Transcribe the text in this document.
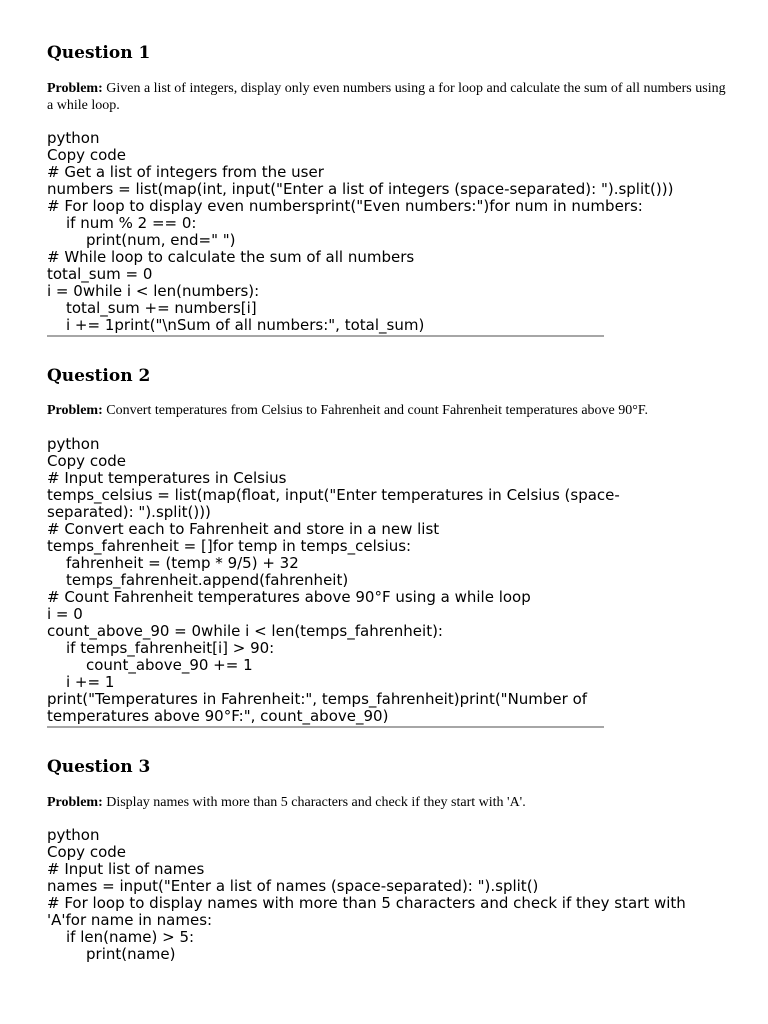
Question 1

Problem: Given a list of integers, display only even numbers using a for loop and calculate the sum of all numbers using a while loop.

python
Copy code
# Get a list of integers from the user
numbers = list(map(int, input("Enter a list of integers (space-separated): ").split()))
# For loop to display even numbersprint("Even numbers:")for num in numbers:
if num % 2 == 0:
print(num, end=" ")
# While loop to calculate the sum of all numbers
total_sum = 0
i = 0while i < len(numbers):
total_sum += numbers[i]
i += 1print("\nSum of all numbers:", total_sum)
Question 2

Problem: Convert temperatures from Celsius to Fahrenheit and count Fahrenheit temperatures above 90°F.

python
Copy code
# Input temperatures in Celsius
temps_celsius = list(map(float, input("Enter temperatures in Celsius (space-
separated): ").split()))
# Convert each to Fahrenheit and store in a new list
temps_fahrenheit = []for temp in temps_celsius:
fahrenheit = (temp * 9/5) + 32
temps_fahrenheit.append(fahrenheit)
# Count Fahrenheit temperatures above 90°F using a while loop
i = 0
count_above_90 = 0while i < len(temps_fahrenheit):
if temps_fahrenheit[i] > 90:
count_above_90 += 1
i += 1
print("Temperatures in Fahrenheit:", temps_fahrenheit)print("Number of
temperatures above 90°F:", count_above_90)
Question 3

Problem: Display names with more than 5 characters and check if they start with 'A'.

python
Copy code
# Input list of names
names = input("Enter a list of names (space-separated): ").split()
# For loop to display names with more than 5 characters and check if they start with
'A'for name in names:
if len(name) > 5:
print(name)
